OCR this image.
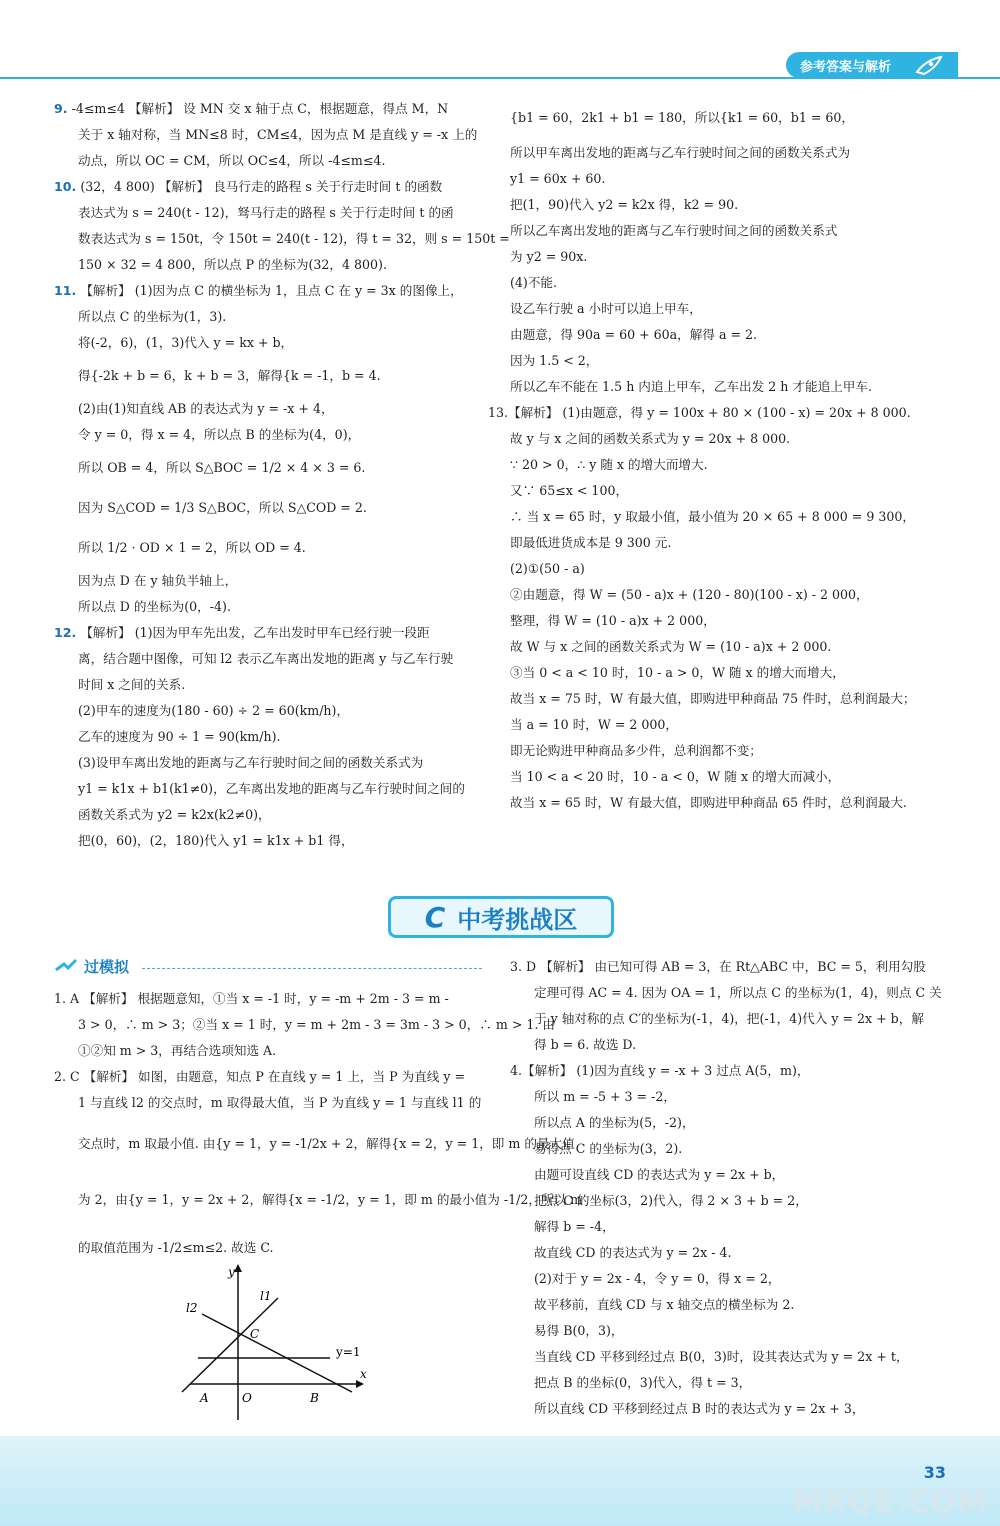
参考答案与解析
9. -4≤m≤4 【解析】 设 MN 交 x 轴于点 C，根据题意，得点 M，N
关于 x 轴对称，当 MN≤8 时，CM≤4，因为点 M 是直线 y = -x 上的
动点，所以 OC = CM，所以 OC≤4，所以 -4≤m≤4.
10. (32，4 800) 【解析】 良马行走的路程 s 关于行走时间 t 的函数
表达式为 s = 240(t - 12)，驽马行走的路程 s 关于行走时间 t 的函
数表达式为 s = 150t，令 150t = 240(t - 12)，得 t = 32，则 s = 150t =
150 × 32 = 4 800，所以点 P 的坐标为(32，4 800).
11. 【解析】 (1)因为点 C 的横坐标为 1，且点 C 在 y = 3x 的图像上，
所以点 C 的坐标为(1，3).
将(-2，6)，(1，3)代入 y = kx + b，
得{-2k + b = 6，k + b = 3，解得{k = -1，b = 4.
(2)由(1)知直线 AB 的表达式为 y = -x + 4，
令 y = 0，得 x = 4，所以点 B 的坐标为(4，0)，
所以 OB = 4，所以 S△BOC = 1/2 × 4 × 3 = 6.
因为 S△COD = 1/3 S△BOC，所以 S△COD = 2.
所以 1/2 · OD × 1 = 2，所以 OD = 4.
因为点 D 在 y 轴负半轴上，
所以点 D 的坐标为(0，-4).
12. 【解析】 (1)因为甲车先出发，乙车出发时甲车已经行驶一段距
离，结合题中图像，可知 l2 表示乙车离出发地的距离 y 与乙车行驶
时间 x 之间的关系.
(2)甲车的速度为(180 - 60) ÷ 2 = 60(km/h)，
乙车的速度为 90 ÷ 1 = 90(km/h).
(3)设甲车离出发地的距离与乙车行驶时间之间的函数关系式为
y1 = k1x + b1(k1≠0)，乙车离出发地的距离与乙车行驶时间之间的
函数关系式为 y2 = k2x(k2≠0)，
把(0，60)，(2，180)代入 y1 = k1x + b1 得，
{b1 = 60，2k1 + b1 = 180，所以{k1 = 60，b1 = 60，
所以甲车离出发地的距离与乙车行驶时间之间的函数关系式为
y1 = 60x + 60.
把(1，90)代入 y2 = k2x 得，k2 = 90.
所以乙车离出发地的距离与乙车行驶时间之间的函数关系式
为 y2 = 90x.
(4)不能.
设乙车行驶 a 小时可以追上甲车，
由题意，得 90a = 60 + 60a，解得 a = 2.
因为 1.5 < 2，
所以乙车不能在 1.5 h 内追上甲车，乙车出发 2 h 才能追上甲车.
13.【解析】 (1)由题意，得 y = 100x + 80 × (100 - x) = 20x + 8 000.
故 y 与 x 之间的函数关系式为 y = 20x + 8 000.
∵ 20 > 0，∴ y 随 x 的增大而增大.
又∵ 65≤x < 100，
∴ 当 x = 65 时，y 取最小值，最小值为 20 × 65 + 8 000 = 9 300，
即最低进货成本是 9 300 元.
(2)①(50 - a)
②由题意，得 W = (50 - a)x + (120 - 80)(100 - x) - 2 000，
整理，得 W = (10 - a)x + 2 000，
故 W 与 x 之间的函数关系式为 W = (10 - a)x + 2 000.
③当 0 < a < 10 时，10 - a > 0，W 随 x 的增大而增大，
故当 x = 75 时，W 有最大值，即购进甲种商品 75 件时，总利润最大；
当 a = 10 时，W = 2 000，
即无论购进甲种商品多少件，总利润都不变；
当 10 < a < 20 时，10 - a < 0，W 随 x 的增大而减小，
故当 x = 65 时，W 有最大值，即购进甲种商品 65 件时，总利润最大.
C 中考挑战区
过模拟
1. A 【解析】 根据题意知，①当 x = -1 时，y = -m + 2m - 3 = m -
3 > 0，∴ m > 3；②当 x = 1 时，y = m + 2m - 3 = 3m - 3 > 0，∴ m > 1. 由
①②知 m > 3，再结合选项知选 A.
2. C 【解析】 如图，由题意，知点 P 在直线 y = 1 上，当 P 为直线 y =
1 与直线 l2 的交点时，m 取得最大值，当 P 为直线 y = 1 与直线 l1 的
交点时，m 取最小值. 由{y = 1，y = -1/2x + 2，解得{x = 2，y = 1，即 m 的最大值
为 2，由{y = 1，y = 2x + 2，解得{x = -1/2，y = 1，即 m 的最小值为 -1/2，所以 m
的取值范围为 -1/2≤m≤2. 故选 C.
y
x
l1
l2
C
y=1
A	O	B
3. D 【解析】 由已知可得 AB = 3，在 Rt△ABC 中，BC = 5，利用勾股
定理可得 AC = 4. 因为 OA = 1，所以点 C 的坐标为(1，4)，则点 C 关
于 y 轴对称的点 C′的坐标为(-1，4)，把(-1，4)代入 y = 2x + b，解
得 b = 6. 故选 D.
4.【解析】 (1)因为直线 y = -x + 3 过点 A(5，m)，
所以 m = -5 + 3 = -2，
所以点 A 的坐标为(5，-2)，
易得点 C 的坐标为(3，2).
由题可设直线 CD 的表达式为 y = 2x + b，
把点 C 的坐标(3，2)代入，得 2 × 3 + b = 2，
解得 b = -4，
故直线 CD 的表达式为 y = 2x - 4.
(2)对于 y = 2x - 4，令 y = 0，得 x = 2，
故平移前，直线 CD 与 x 轴交点的横坐标为 2.
易得 B(0，3)，
当直线 CD 平移到经过点 B(0，3)时，设其表达式为 y = 2x + t，
把点 B 的坐标(0，3)代入，得 t = 3，
所以直线 CD 平移到经过点 B 时的表达式为 y = 2x + 3，
33
MXQE.COM
